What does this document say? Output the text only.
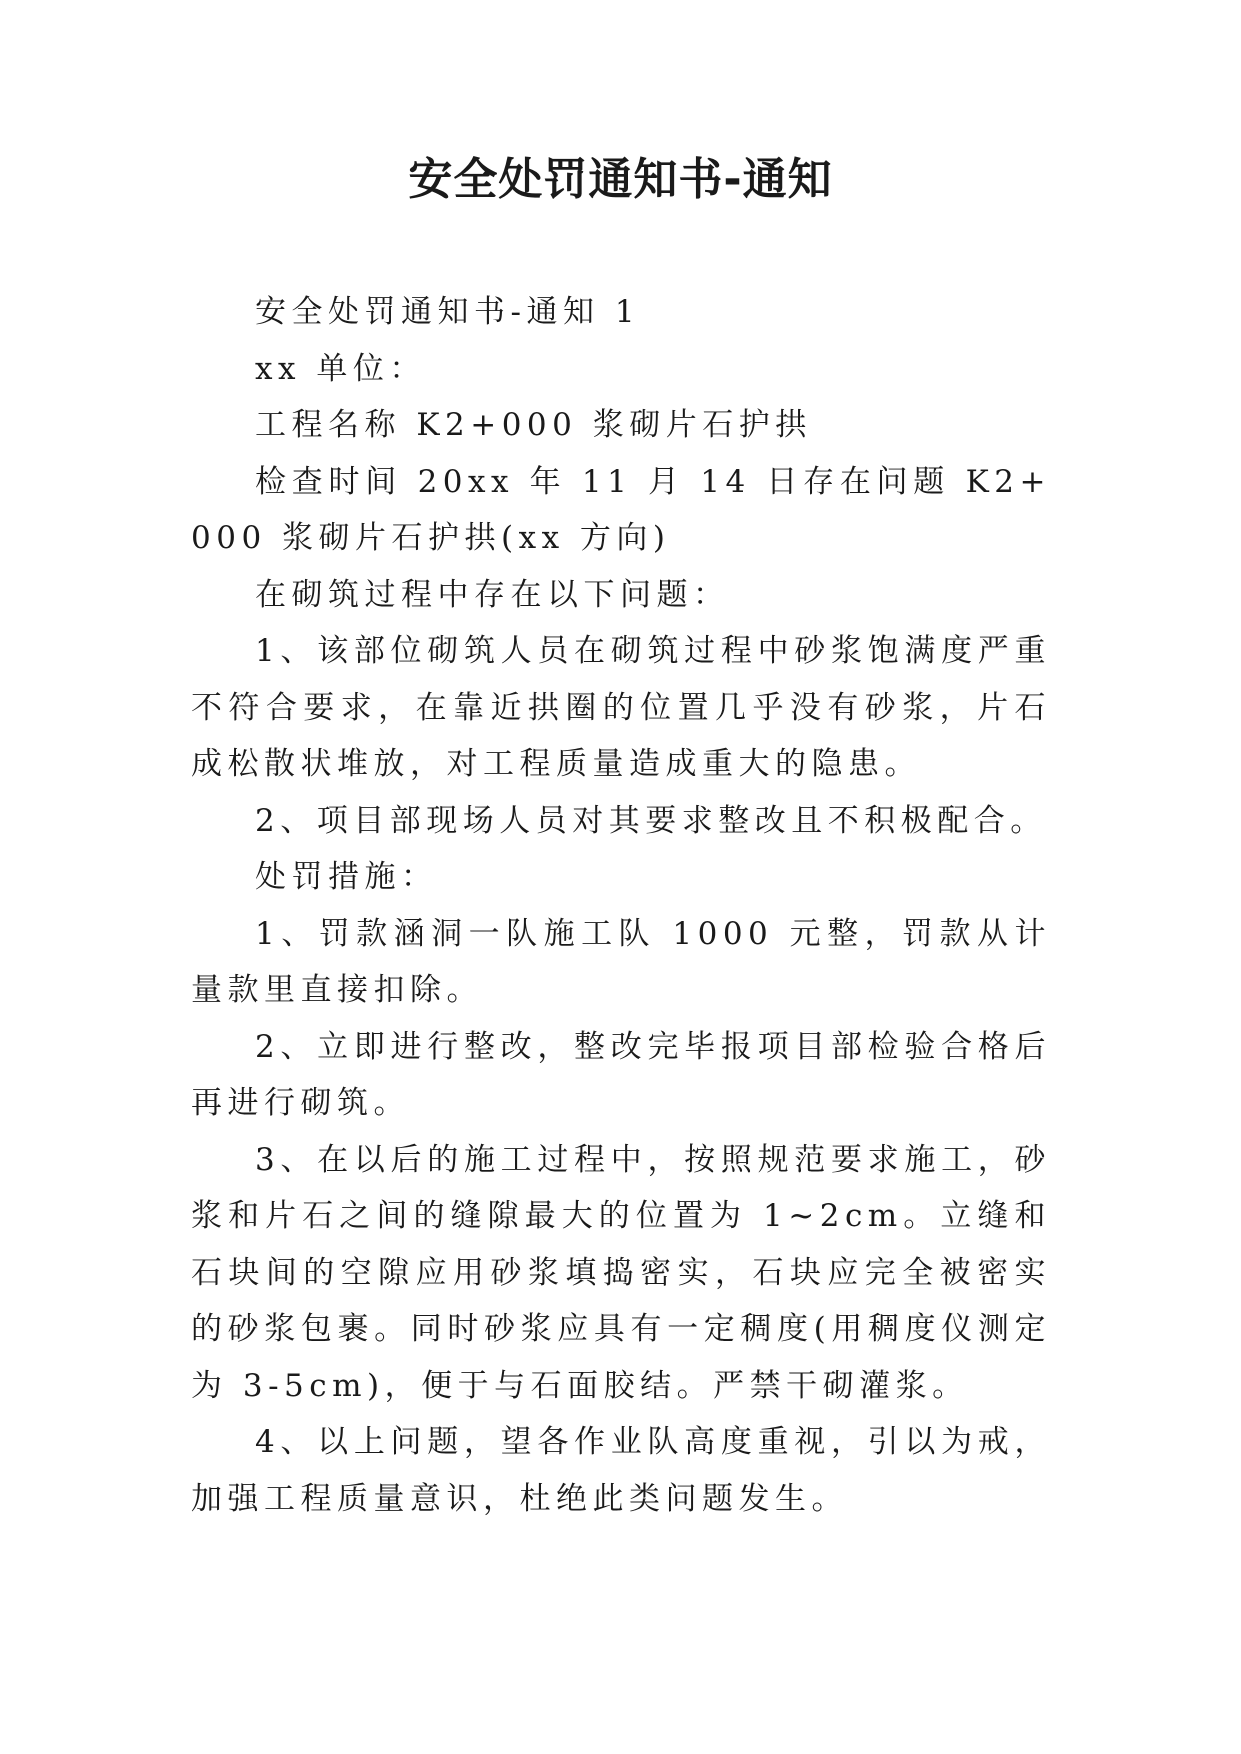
安全处罚通知书-通知

安全处罚通知书-通知 1

xx 单位：

工程名称 K2+000 浆砌片石护拱

检查时间 20xx 年 11 月 14 日存在问题 K2+000 浆砌片石护拱(xx 方向)

在砌筑过程中存在以下问题：

1、该部位砌筑人员在砌筑过程中砂浆饱满度严重不符合要求，在靠近拱圈的位置几乎没有砂浆，片石成松散状堆放，对工程质量造成重大的隐患。

2、项目部现场人员对其要求整改且不积极配合。

处罚措施：

1、罚款涵洞一队施工队 1000 元整，罚款从计量款里直接扣除。

2、立即进行整改，整改完毕报项目部检验合格后再进行砌筑。

3、在以后的施工过程中，按照规范要求施工，砂浆和片石之间的缝隙最大的位置为 1~2cm。立缝和石块间的空隙应用砂浆填捣密实，石块应完全被密实的砂浆包裹。同时砂浆应具有一定稠度(用稠度仪测定为 3-5cm)，便于与石面胶结。严禁干砌灌浆。

4、以上问题，望各作业队高度重视，引以为戒，加强工程质量意识，杜绝此类问题发生。
